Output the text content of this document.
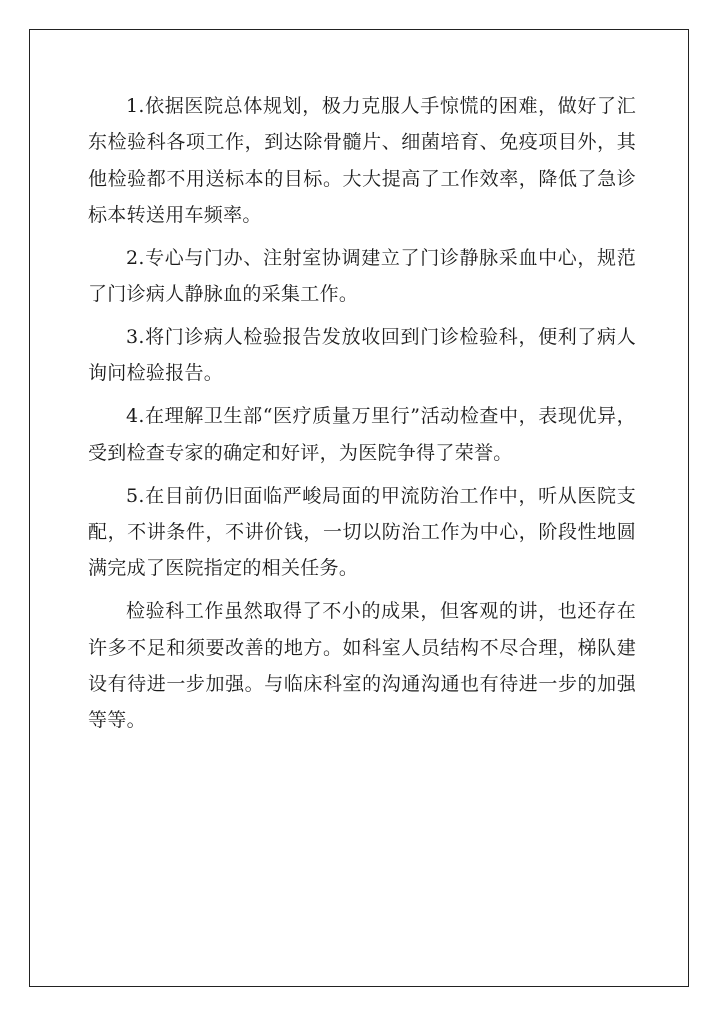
1.依据医院总体规划，极力克服人手惊慌的困难，做好了汇东检验科各项工作，到达除骨髓片、细菌培育、免疫项目外，其他检验都不用送标本的目标。大大提高了工作效率，降低了急诊标本转送用车频率。

2.专心与门办、注射室协调建立了门诊静脉采血中心，规范了门诊病人静脉血的采集工作。

3.将门诊病人检验报告发放收回到门诊检验科，便利了病人询问检验报告。

4.在理解卫生部“医疗质量万里行”活动检查中，表现优异，受到检查专家的确定和好评，为医院争得了荣誉。

5.在目前仍旧面临严峻局面的甲流防治工作中，听从医院支配，不讲条件，不讲价钱，一切以防治工作为中心，阶段性地圆满完成了医院指定的相关任务。

检验科工作虽然取得了不小的成果，但客观的讲，也还存在许多不足和须要改善的地方。如科室人员结构不尽合理，梯队建设有待进一步加强。与临床科室的沟通沟通也有待进一步的加强等等。
